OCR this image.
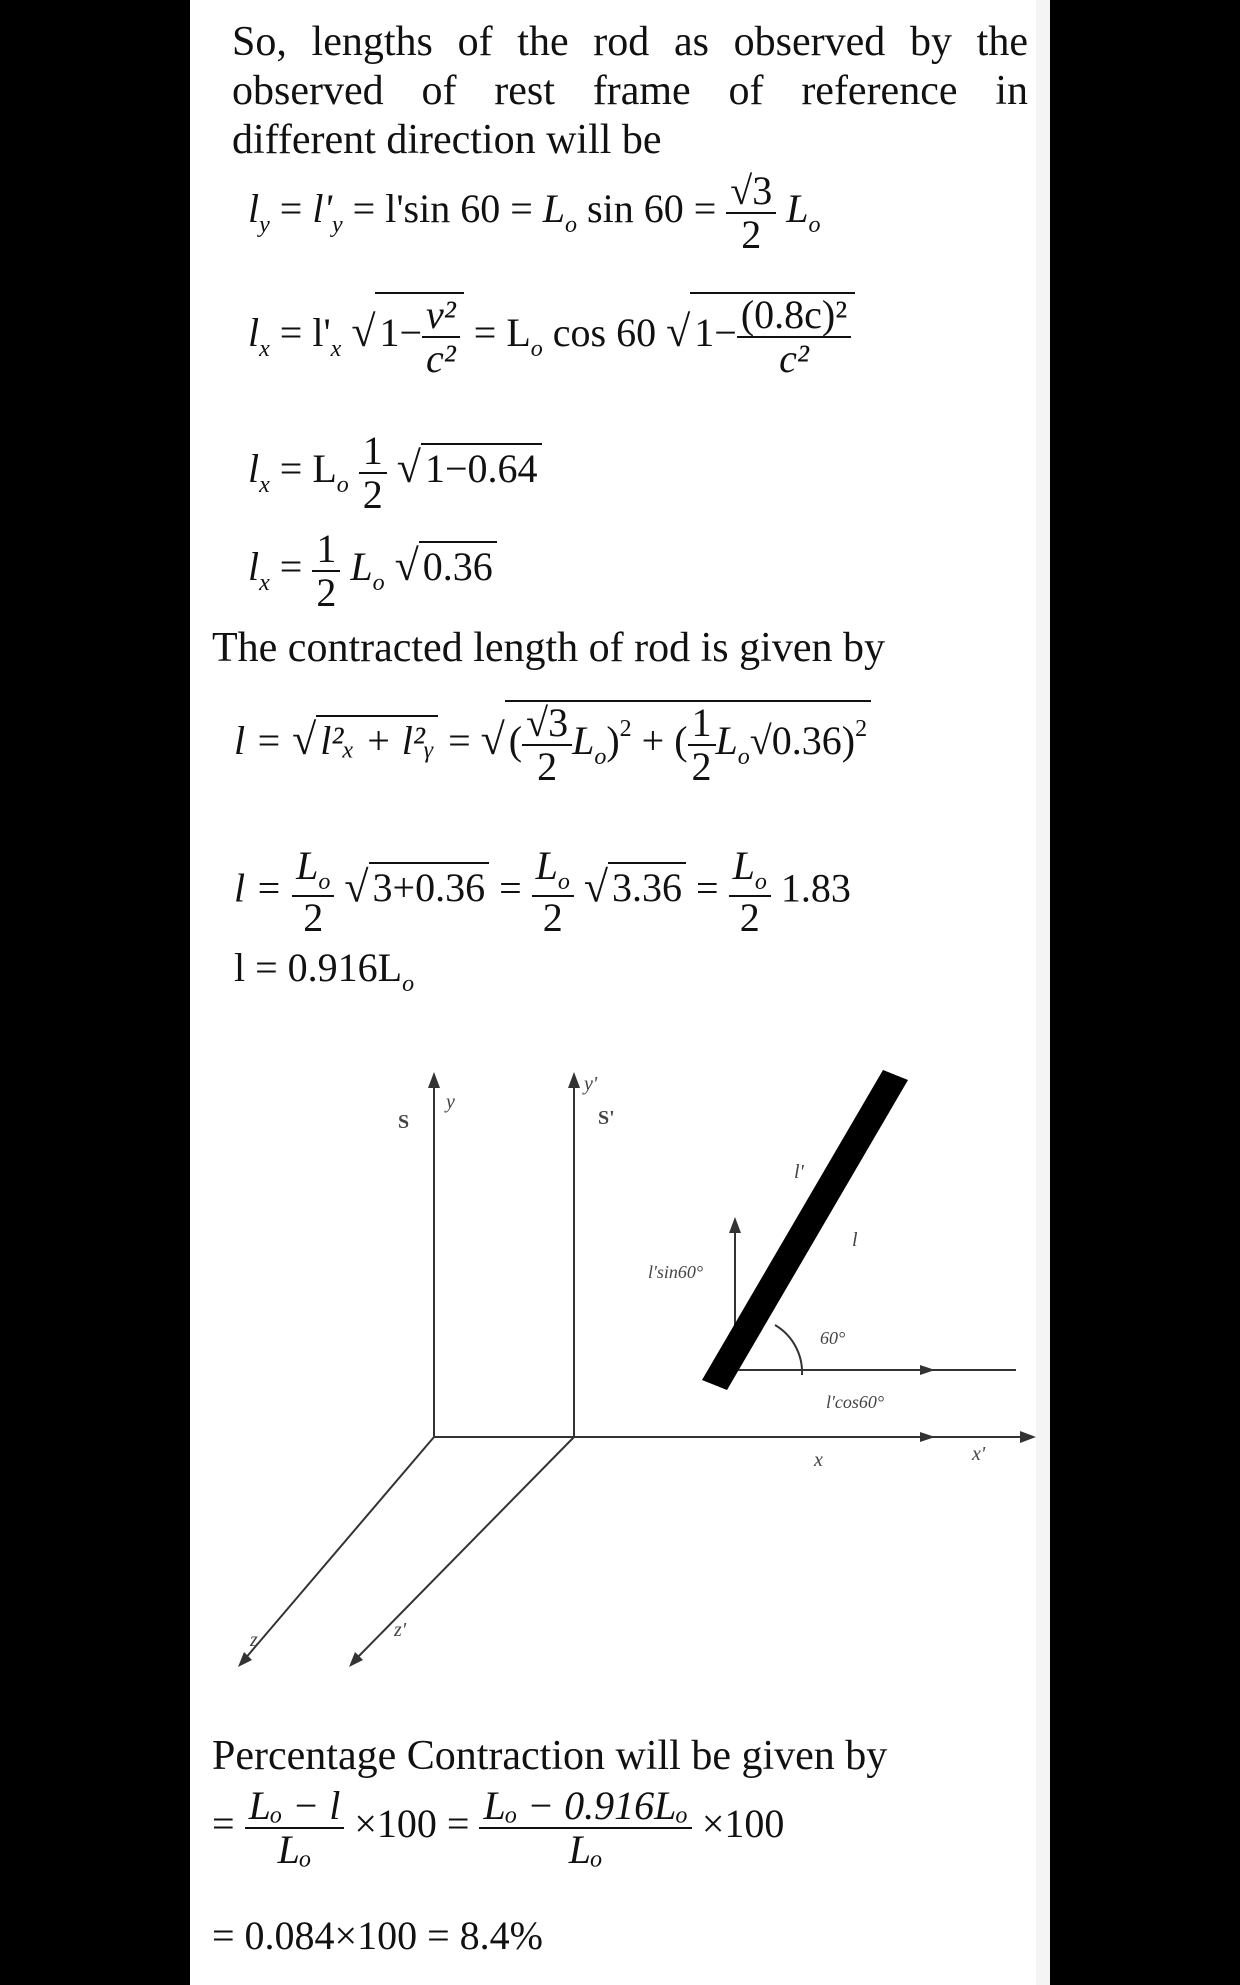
So, lengths of the rod as observed by the
observed of rest frame of reference in
different direction will be
$l_y = l'_y = l'\sin$ $60 = L_o$ $\sin 60 = \frac{√3}{2} L_o$
$l_x = l'_x$ √ $1- \frac{\text{v²}}{\text{c²}} = L_o$ cos 60 √ $1- \frac{\text{(0.8c)²}}{\text{c²}}$
$l_x = L_o \frac{1}{2}$ √ 1−0.64
$l_x = \frac{1}{2} L_o$ √ 0.36
The contracted length of rod is given by
l = √ l²ₓ + l²ᵧ = √( $\frac{√3}{2} L_o)^2$ + ( $\frac{1}{2} L_o√0.36)^2$
$l = \frac{L_o}{2}$ √ $3+0.36 = \frac{L_o}{2}$ √ $3.36 = \frac{L_o}{2} 1.83$
$l = 0.916L_o$
S
y
S'
y'
x	x'
z	z'
l'
l
l'sin60°
60°
l'cos60°
Percentage Contraction will be given by
= $\frac{\text{Lₒ − l}}{\text{Lₒ}} \times 100 = \frac{\text{Lₒ − 0.916Lₒ}}{\text{Lₒ}} \times 100$
= 0.084×100 = 8.4%
